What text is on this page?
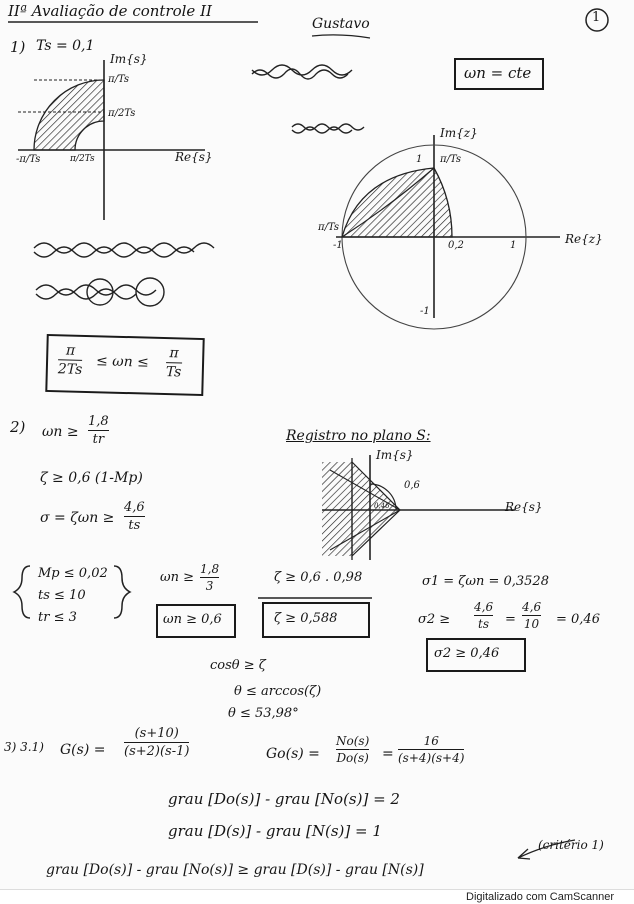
IIª Avaliação de controle II	1
Gustavo
1) Ts = 0,1
Im{s}
π/Ts
π/2Ts
-π/Ts	π/2Ts	Re{s}
ωn = cte
Im{z}
1 π/Ts
π/Ts
-1	0,2	1	Re{z}
-1
π
2Ts ≤ ωn ≤ π
Ts
2) ωn ≥
1,8
tr
ζ ≥ 0,6 (1-Mp)
σ = ζωn ≥
4,6
ts
Registro no plano S:
Im{s}
0,6
0,46	Re{s}
Mp ≤ 0,02
ts ≤ 10
tr ≤ 3
ωn ≥
1,8
3
ωn ≥ 0,6
ζ ≥ 0,6 . 0,98
ζ ≥ 0,588
σ1 = ζωn = 0,3528
σ2 ≥
4,6
ts =
4,6
10 = 0,46
σ2 ≥ 0,46
cosθ ≥ ζ
θ ≤ arccos(ζ)
θ ≤ 53,98°
3) 3.1) G(s) =
(s+10)
(s+2)(s-1)	Go(s) =
No(s)
Do(s) =
16
(s+4)(s+4)
grau [Do(s)] - grau [No(s)] = 2
grau [D(s)] - grau [N(s)] = 1
grau [Do(s)] - grau [No(s)] ≥ grau [D(s)] - grau [N(s)]
(critério 1)
Digitalizado com CamScanner
